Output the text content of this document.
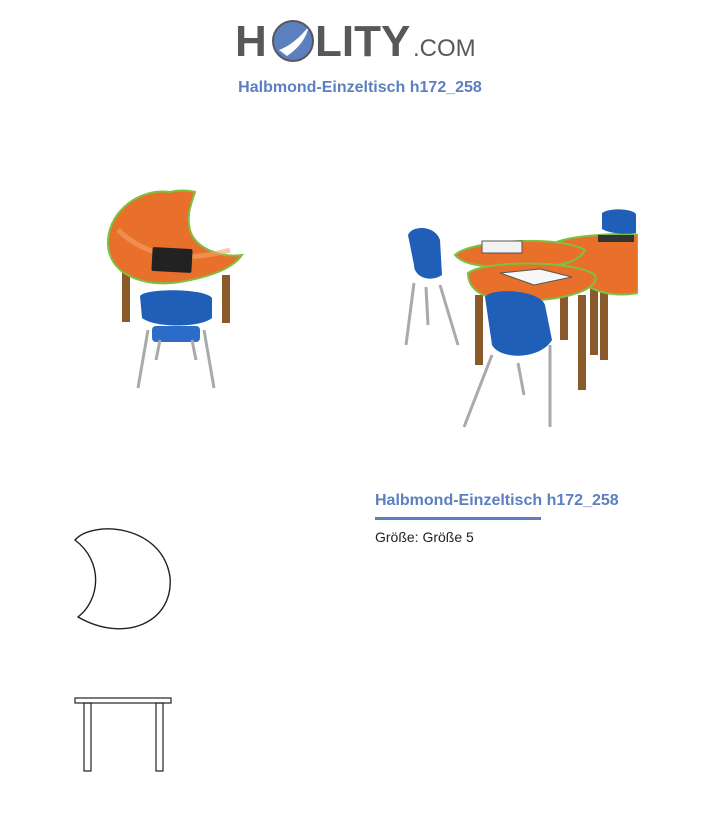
H LITY .COM
Halbmond-Einzeltisch h172_258
Halbmond-Einzeltisch h172_258
Größe: Größe 5
